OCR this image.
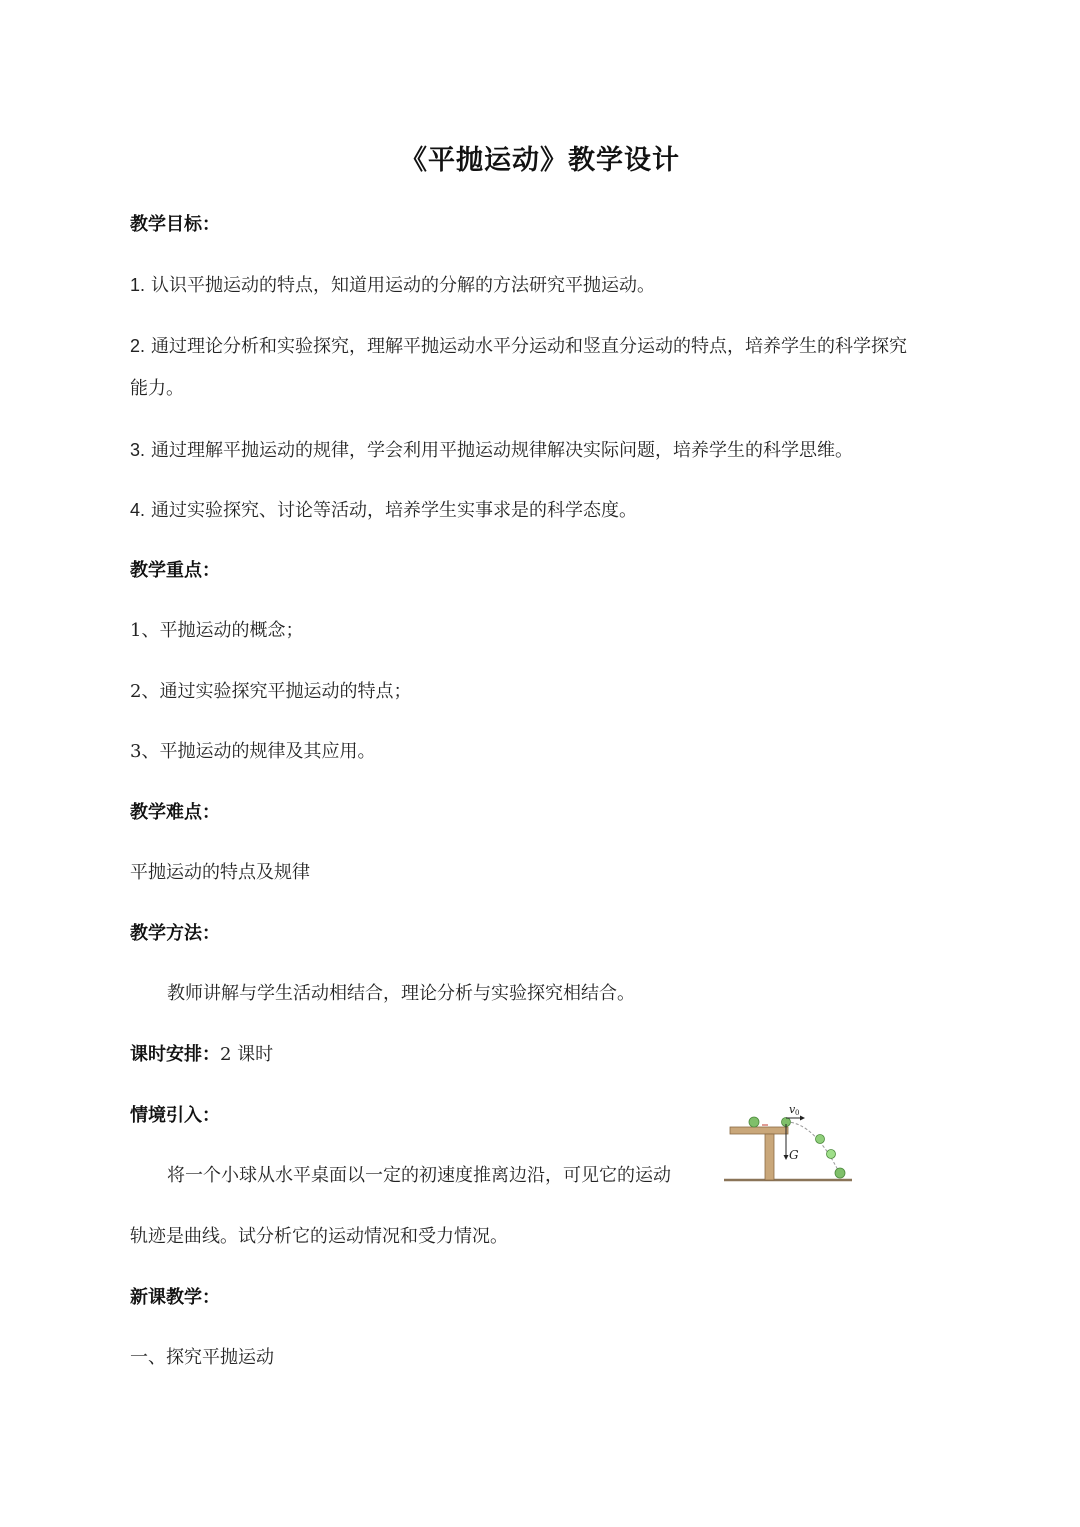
《平抛运动》教学设计
教学目标：
1. 认识平抛运动的特点，知道用运动的分解的方法研究平抛运动。
2. 通过理论分析和实验探究，理解平抛运动水平分运动和竖直分运动的特点，培养学生的科学探究
能力。
3. 通过理解平抛运动的规律，学会利用平抛运动规律解决实际问题，培养学生的科学思维。
4. 通过实验探究、讨论等活动，培养学生实事求是的科学态度。
教学重点：
1、平抛运动的概念；
2、通过实验探究平抛运动的特点；
3、平抛运动的规律及其应用。
教学难点：
平抛运动的特点及规律
教学方法：
教师讲解与学生活动相结合，理论分析与实验探究相结合。
课时安排：2 课时
情境引入：
将一个小球从水平桌面以一定的初速度推离边沿，可见它的运动
轨迹是曲线。试分析它的运动情况和受力情况。
v 0
G
新课教学：
一、探究平抛运动
